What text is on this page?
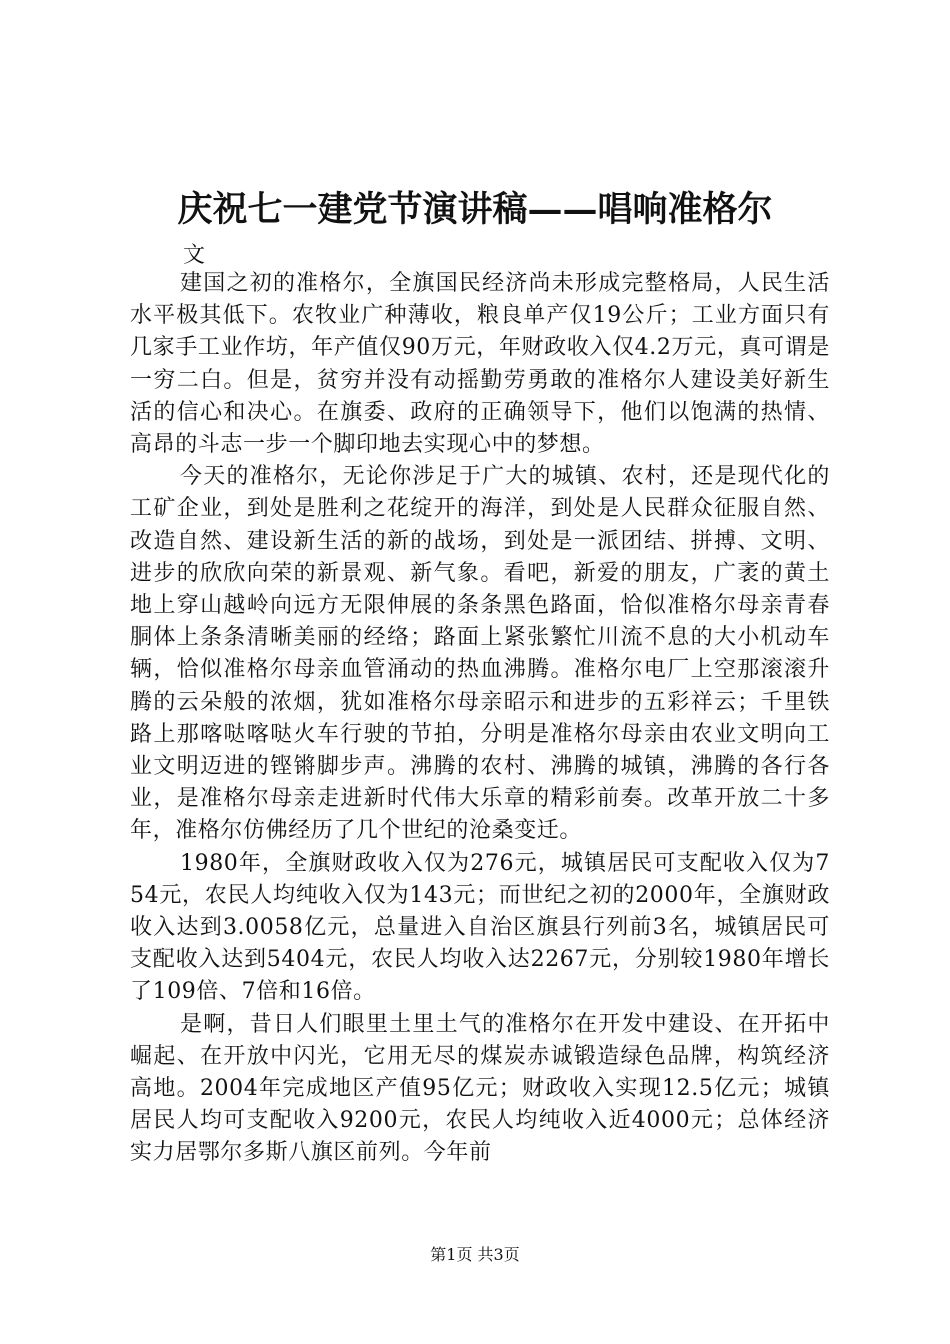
庆祝七一建党节演讲稿——唱响准格尔

文

建国之初的准格尔，全旗国民经济尚未形成完整格局，人民生活水平极其低下。农牧业广种薄收，粮良单产仅19公斤；工业方面只有几家手工业作坊，年产值仅90万元，年财政收入仅4.2万元，真可谓是一穷二白。但是，贫穷并没有动摇勤劳勇敢的准格尔人建设美好新生活的信心和决心。在旗委、政府的正确领导下，他们以饱满的热情、高昂的斗志一步一个脚印地去实现心中的梦想。

今天的准格尔，无论你涉足于广大的城镇、农村，还是现代化的工矿企业，到处是胜利之花绽开的海洋，到处是人民群众征服自然、改造自然、建设新生活的新的战场，到处是一派团结、拼搏、文明、进步的欣欣向荣的新景观、新气象。看吧，新爱的朋友，广袤的黄土地上穿山越岭向远方无限伸展的条条黑色路面，恰似准格尔母亲青春胴体上条条清晰美丽的经络；路面上紧张繁忙川流不息的大小机动车辆，恰似准格尔母亲血管涌动的热血沸腾。准格尔电厂上空那滚滚升腾的云朵般的浓烟，犹如准格尔母亲昭示和进步的五彩祥云；千里铁路上那喀哒喀哒火车行驶的节拍，分明是准格尔母亲由农业文明向工业文明迈进的铿锵脚步声。沸腾的农村、沸腾的城镇，沸腾的各行各业，是准格尔母亲走进新时代伟大乐章的精彩前奏。改革开放二十多年，准格尔仿佛经历了几个世纪的沧桑变迁。

1980年，全旗财政收入仅为276元，城镇居民可支配收入仅为754元，农民人均纯收入仅为143元；而世纪之初的2000年，全旗财政收入达到3.0058亿元，总量进入自治区旗县行列前3名，城镇居民可支配收入达到5404元，农民人均收入达2267元，分别较1980年增长了109倍、7倍和16倍。

是啊，昔日人们眼里土里土气的准格尔在开发中建设、在开拓中崛起、在开放中闪光，它用无尽的煤炭赤诚锻造绿色品牌，构筑经济高地。2004年完成地区产值95亿元；财政收入实现12.5亿元；城镇居民人均可支配收入9200元，农民人均纯收入近4000元；总体经济实力居鄂尔多斯八旗区前列。今年前

第1页 共3页
